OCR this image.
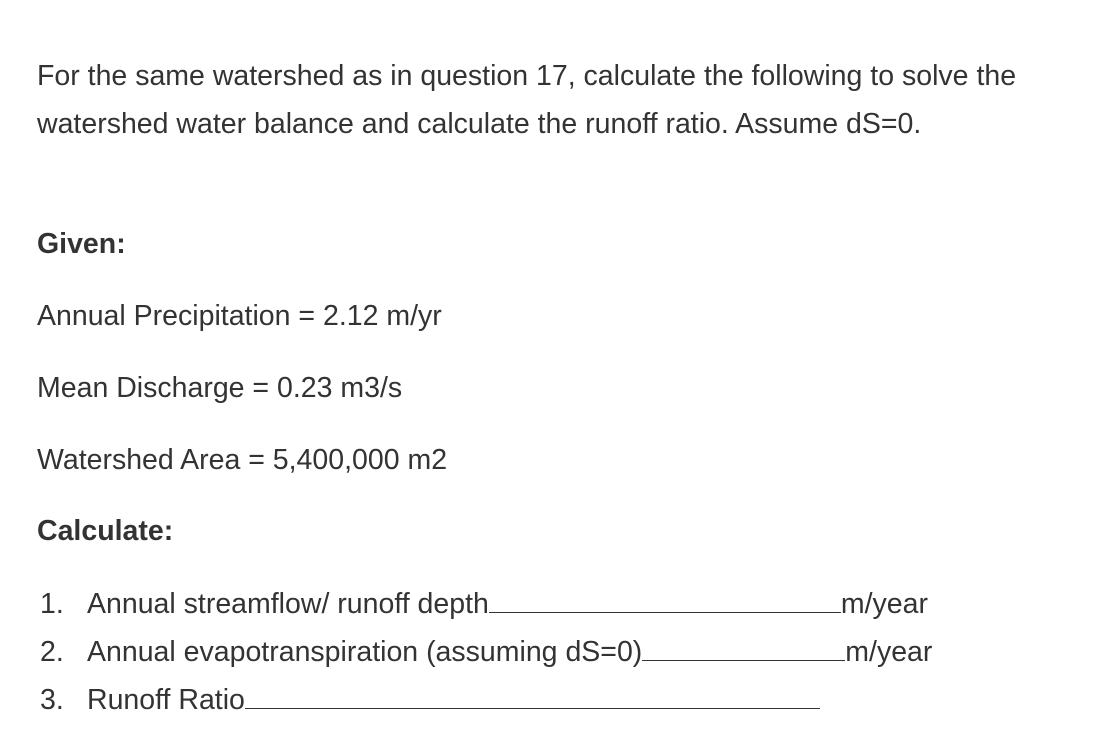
For the same watershed as in question 17, calculate the following to solve the watershed water balance and calculate the runoff ratio. Assume dS=0.

Given:

Annual Precipitation = 2.12 m/yr

Mean Discharge = 0.23 m3/s

Watershed Area = 5,400,000 m2

Calculate:

1. Annual streamflow/ runoff depth	m/year
2. Annual evapotranspiration (assuming dS=0)	m/year
3. Runoff Ratio
